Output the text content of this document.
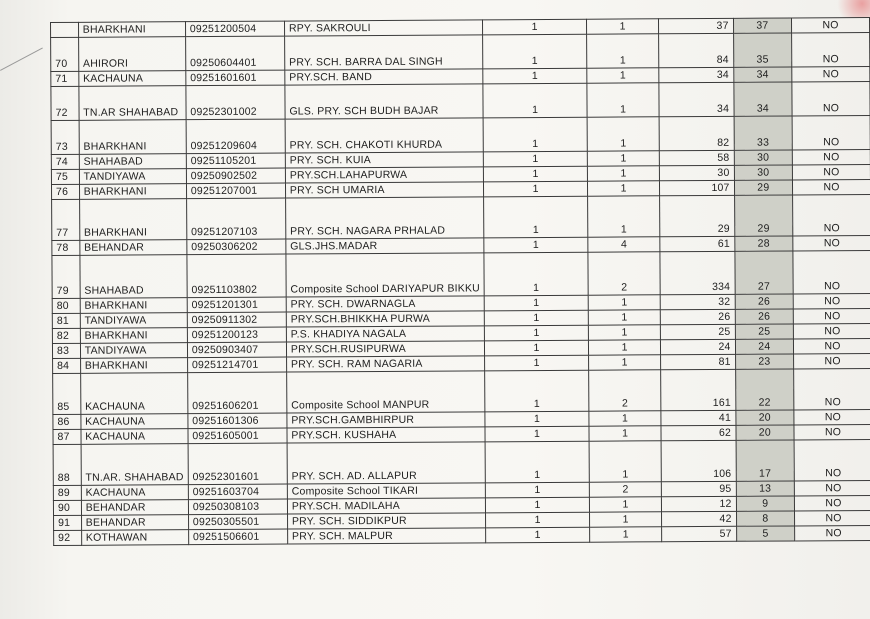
	BHARKHANI	09251200504	RPY. SAKROULI	1	1	37	37	NO
70	AHIRORI	09250604401	PRY. SCH. BARRA DAL SINGH	1	1	84	35	NO
71	KACHAUNA	09251601601	PRY.SCH. BAND	1	1	34	34	NO
72	TN.AR SHAHABAD	09252301002	GLS. PRY. SCH BUDH BAJAR	1	1	34	34	NO
73	BHARKHANI	09251209604	PRY. SCH. CHAKOTI KHURDA	1	1	82	33	NO
74	SHAHABAD	09251105201	PRY. SCH. KUIA	1	1	58	30	NO
75	TANDIYAWA	09250902502	PRY.SCH.LAHAPURWA	1	1	30	30	NO
76	BHARKHANI	09251207001	PRY. SCH UMARIA	1	1	107	29	NO
77	BHARKHANI	09251207103	PRY. SCH. NAGARA PRHALAD	1	1	29	29	NO
78	BEHANDAR	09250306202	GLS.JHS.MADAR	1	4	61	28	NO
79	SHAHABAD	09251103802	Composite School DARIYAPUR BIKKU	1	2	334	27	NO
80	BHARKHANI	09251201301	PRY. SCH. DWARNAGLA	1	1	32	26	NO
81	TANDIYAWA	09250911302	PRY.SCH.BHIKKHA PURWA	1	1	26	26	NO
82	BHARKHANI	09251200123	P.S. KHADIYA NAGALA	1	1	25	25	NO
83	TANDIYAWA	09250903407	PRY.SCH.RUSIPURWA	1	1	24	24	NO
84	BHARKHANI	09251214701	PRY. SCH. RAM NAGARIA	1	1	81	23	NO
85	KACHAUNA	09251606201	Composite School MANPUR	1	2	161	22	NO
86	KACHAUNA	09251601306	PRY.SCH.GAMBHIRPUR	1	1	41	20	NO
87	KACHAUNA	09251605001	PRY.SCH. KUSHAHA	1	1	62	20	NO
88	TN.AR. SHAHABAD	09252301601	PRY. SCH. AD. ALLAPUR	1	1	106	17	NO
89	KACHAUNA	09251603704	Composite School TIKARI	1	2	95	13	NO
90	BEHANDAR	09250308103	PRY.SCH. MADILAHA	1	1	12	9	NO
91	BEHANDAR	09250305501	PRY. SCH. SIDDIKPUR	1	1	42	8	NO
92	KOTHAWAN	09251506601	PRY. SCH. MALPUR	1	1	57	5	NO
